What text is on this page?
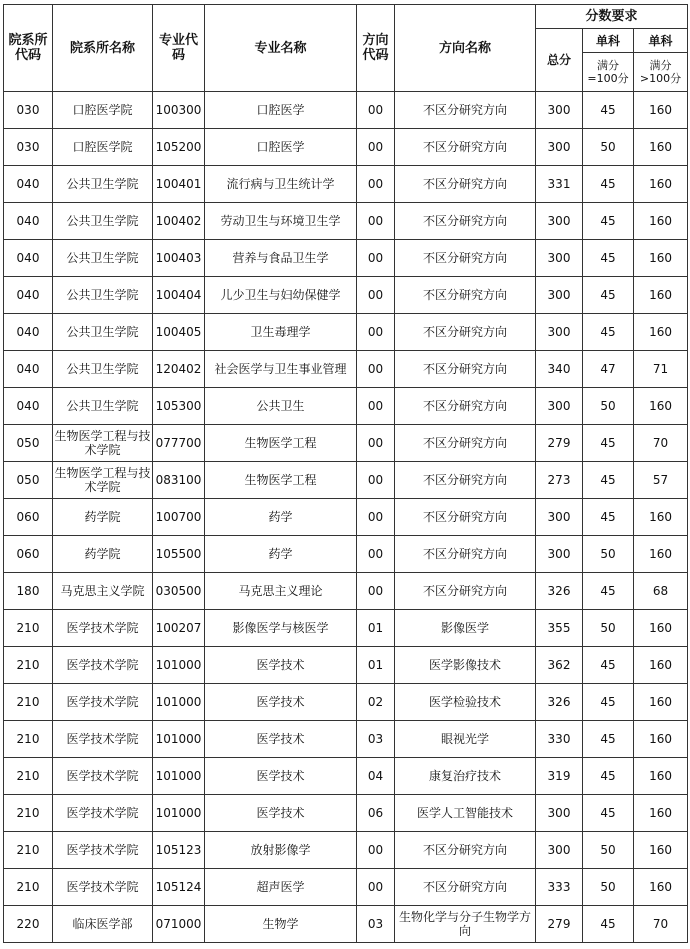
院系所代码	院系所名称	专业代码	专业名称	方向代码	方向名称	分数要求		
						总分	单科	单科
							满分=100分	满分>100分
030	口腔医学院	100300	口腔医学	00	不区分研究方向	300	45	160
030	口腔医学院	105200	口腔医学	00	不区分研究方向	300	50	160
040	公共卫生学院	100401	流行病与卫生统计学	00	不区分研究方向	331	45	160
040	公共卫生学院	100402	劳动卫生与环境卫生学	00	不区分研究方向	300	45	160
040	公共卫生学院	100403	营养与食品卫生学	00	不区分研究方向	300	45	160
040	公共卫生学院	100404	儿少卫生与妇幼保健学	00	不区分研究方向	300	45	160
040	公共卫生学院	100405	卫生毒理学	00	不区分研究方向	300	45	160
040	公共卫生学院	120402	社会医学与卫生事业管理	00	不区分研究方向	340	47	71
040	公共卫生学院	105300	公共卫生	00	不区分研究方向	300	50	160
050	生物医学工程与技术学院	077700	生物医学工程	00	不区分研究方向	279	45	70
050	生物医学工程与技术学院	083100	生物医学工程	00	不区分研究方向	273	45	57
060	药学院	100700	药学	00	不区分研究方向	300	45	160
060	药学院	105500	药学	00	不区分研究方向	300	50	160
180	马克思主义学院	030500	马克思主义理论	00	不区分研究方向	326	45	68
210	医学技术学院	100207	影像医学与核医学	01	影像医学	355	50	160
210	医学技术学院	101000	医学技术	01	医学影像技术	362	45	160
210	医学技术学院	101000	医学技术	02	医学检验技术	326	45	160
210	医学技术学院	101000	医学技术	03	眼视光学	330	45	160
210	医学技术学院	101000	医学技术	04	康复治疗技术	319	45	160
210	医学技术学院	101000	医学技术	06	医学人工智能技术	300	45	160
210	医学技术学院	105123	放射影像学	00	不区分研究方向	300	50	160
210	医学技术学院	105124	超声医学	00	不区分研究方向	333	50	160
220	临床医学部	071000	生物学	03	生物化学与分子生物学方向	279	45	70
